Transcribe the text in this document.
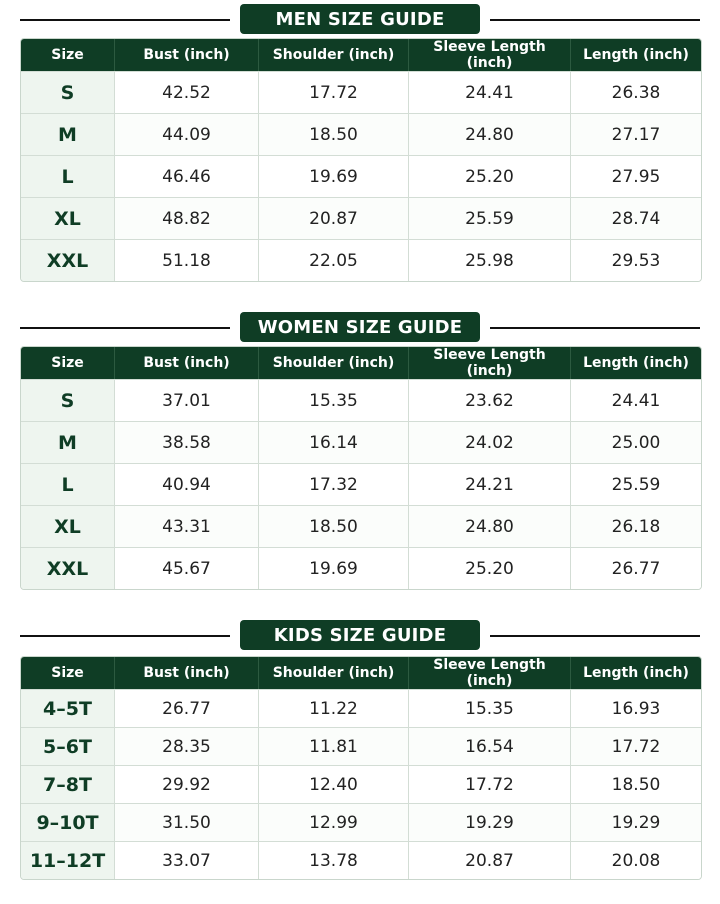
MEN SIZE GUIDE
Size	Bust (inch)	Shoulder (inch)	Sleeve Length (inch)	Length (inch)
S	42.52	17.72	24.41	26.38
M	44.09	18.50	24.80	27.17
L	46.46	19.69	25.20	27.95
XL	48.82	20.87	25.59	28.74
XXL	51.18	22.05	25.98	29.53
WOMEN SIZE GUIDE
Size	Bust (inch)	Shoulder (inch)	Sleeve Length (inch)	Length (inch)
S	37.01	15.35	23.62	24.41
M	38.58	16.14	24.02	25.00
L	40.94	17.32	24.21	25.59
XL	43.31	18.50	24.80	26.18
XXL	45.67	19.69	25.20	26.77
KIDS SIZE GUIDE
Size	Bust (inch)	Shoulder (inch)	Sleeve Length (inch)	Length (inch)
4–5T	26.77	11.22	15.35	16.93
5–6T	28.35	11.81	16.54	17.72
7–8T	29.92	12.40	17.72	18.50
9–10T	31.50	12.99	19.29	19.29
11–12T	33.07	13.78	20.87	20.08
